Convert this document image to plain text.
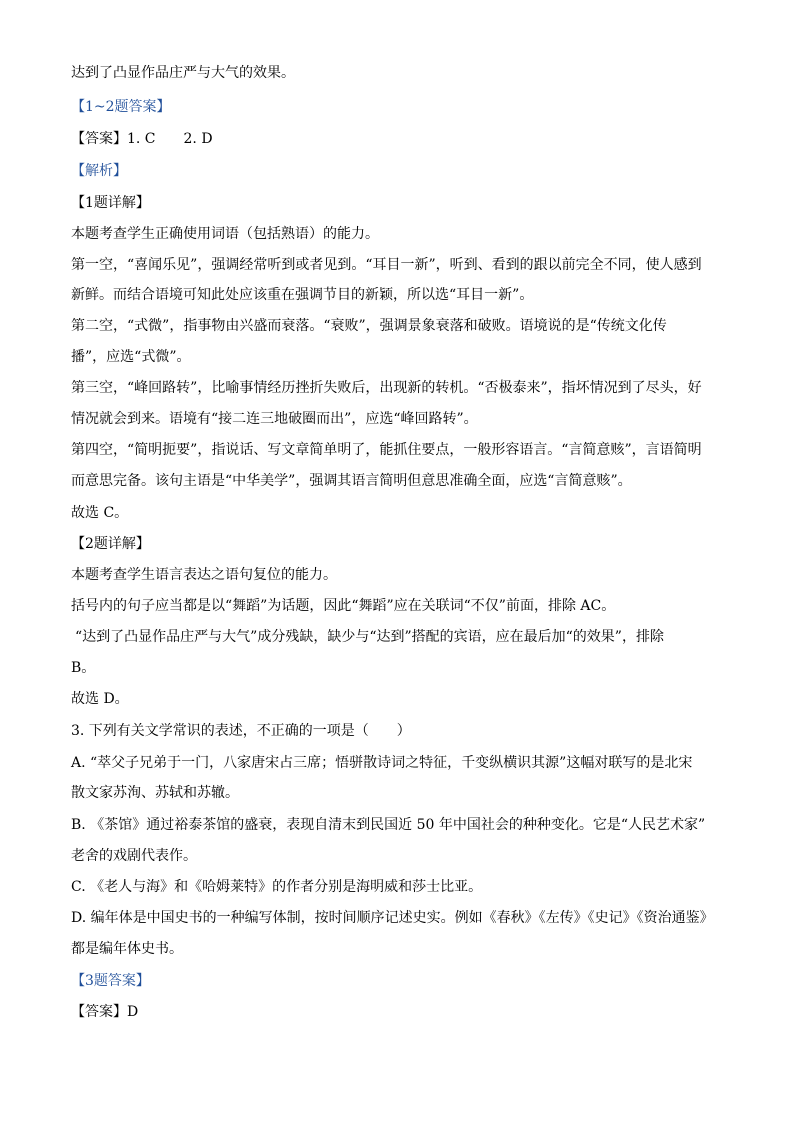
达到了凸显作品庄严与大气的效果。
【1~2题答案】
【答案】1. C　　2. D
【解析】
【1题详解】
本题考查学生正确使用词语（包括熟语）的能力。
第一空，“喜闻乐见”，强调经常听到或者见到。“耳目一新”，听到、看到的跟以前完全不同，使人感到
新鲜。而结合语境可知此处应该重在强调节目的新颖，所以选“耳目一新”。
第二空，“式微”，指事物由兴盛而衰落。“衰败”，强调景象衰落和破败。语境说的是“传统文化传
播”，应选“式微”。
第三空，“峰回路转”，比喻事情经历挫折失败后，出现新的转机。“否极泰来”，指坏情况到了尽头，好
情况就会到来。语境有“接二连三地破圈而出”，应选“峰回路转”。
第四空，“简明扼要”，指说话、写文章简单明了，能抓住要点，一般形容语言。“言简意赅”，言语简明
而意思完备。该句主语是“中华美学”，强调其语言简明但意思准确全面，应选“言简意赅”。
故选 C。
【2题详解】
本题考查学生语言表达之语句复位的能力。
括号内的句子应当都是以“舞蹈”为话题，因此“舞蹈”应在关联词“不仅”前面，排除 AC。
“达到了凸显作品庄严与大气”成分残缺，缺少与“达到”搭配的宾语，应在最后加“的效果”，排除
B。
故选 D。
3. 下列有关文学常识的表述，不正确的一项是（　　）
A. “萃父子兄弟于一门，八家唐宋占三席；悟骈散诗词之特征，千变纵横识其源”这幅对联写的是北宋
散文家苏洵、苏轼和苏辙。
B. 《茶馆》通过裕泰茶馆的盛衰，表现自清末到民国近 50 年中国社会的种种变化。它是“人民艺术家”
老舍的戏剧代表作。
C. 《老人与海》和《哈姆莱特》的作者分别是海明威和莎士比亚。
D. 编年体是中国史书的一种编写体制，按时间顺序记述史实。例如《春秋》《左传》《史记》《资治通鉴》
都是编年体史书。
【3题答案】
【答案】D
